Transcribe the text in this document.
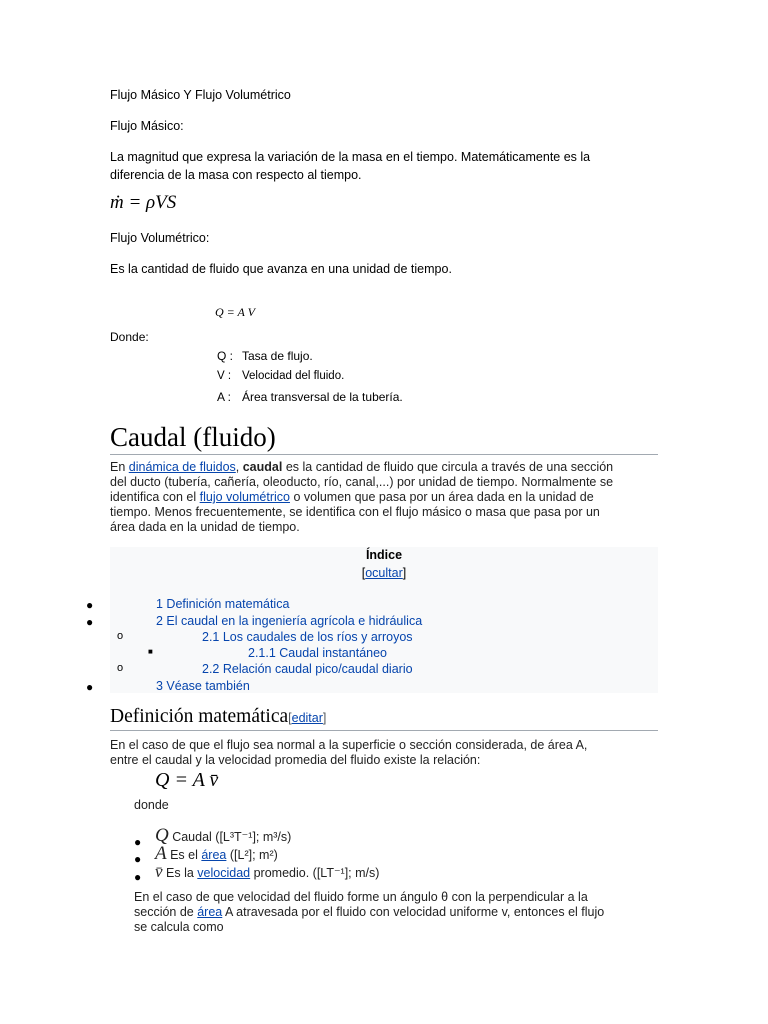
Flujo Másico Y Flujo Volumétrico
Flujo Másico:
La magnitud que expresa la variación de la masa en el tiempo. Matemáticamente es la
diferencia de la masa con respecto al tiempo.
ṁ = ρVS
Flujo Volumétrico:
Es la cantidad de fluido que avanza en una unidad de tiempo.
Q = A V
Donde:
Q : Tasa de flujo.
V : Velocidad del fluido.
A : Área transversal de la tubería.
Caudal (fluido)
En dinámica de fluidos, caudal es la cantidad de fluido que circula a través de una sección
del ducto (tubería, cañería, oleoducto, río, canal,...) por unidad de tiempo. Normalmente se
identifica con el flujo volumétrico o volumen que pasa por un área dada en la unidad de
tiempo. Menos frecuentemente, se identifica con el flujo másico o masa que pasa por un
área dada en la unidad de tiempo.
Índice
[ocultar]
●	1 Definición matemática
●	2 El caudal en la ingeniería agrícola e hidráulica
o	2.1 Los caudales de los ríos y arroyos
■	2.1.1 Caudal instantáneo
o	2.2 Relación caudal pico/caudal diario
●	3 Véase también
Definición matemática[editar]
En el caso de que el flujo sea normal a la superficie o sección considerada, de área A,
entre el caudal y la velocidad promedia del fluido existe la relación:
Q = A v̄
donde
● Q Caudal ([L³T⁻¹]; m³/s)
● A Es el área ([L²]; m²)
● v̄ Es la velocidad promedio. ([LT⁻¹]; m/s)
En el caso de que velocidad del fluido forme un ángulo θ con la perpendicular a la
sección de área A atravesada por el fluido con velocidad uniforme v, entonces el flujo
se calcula como
